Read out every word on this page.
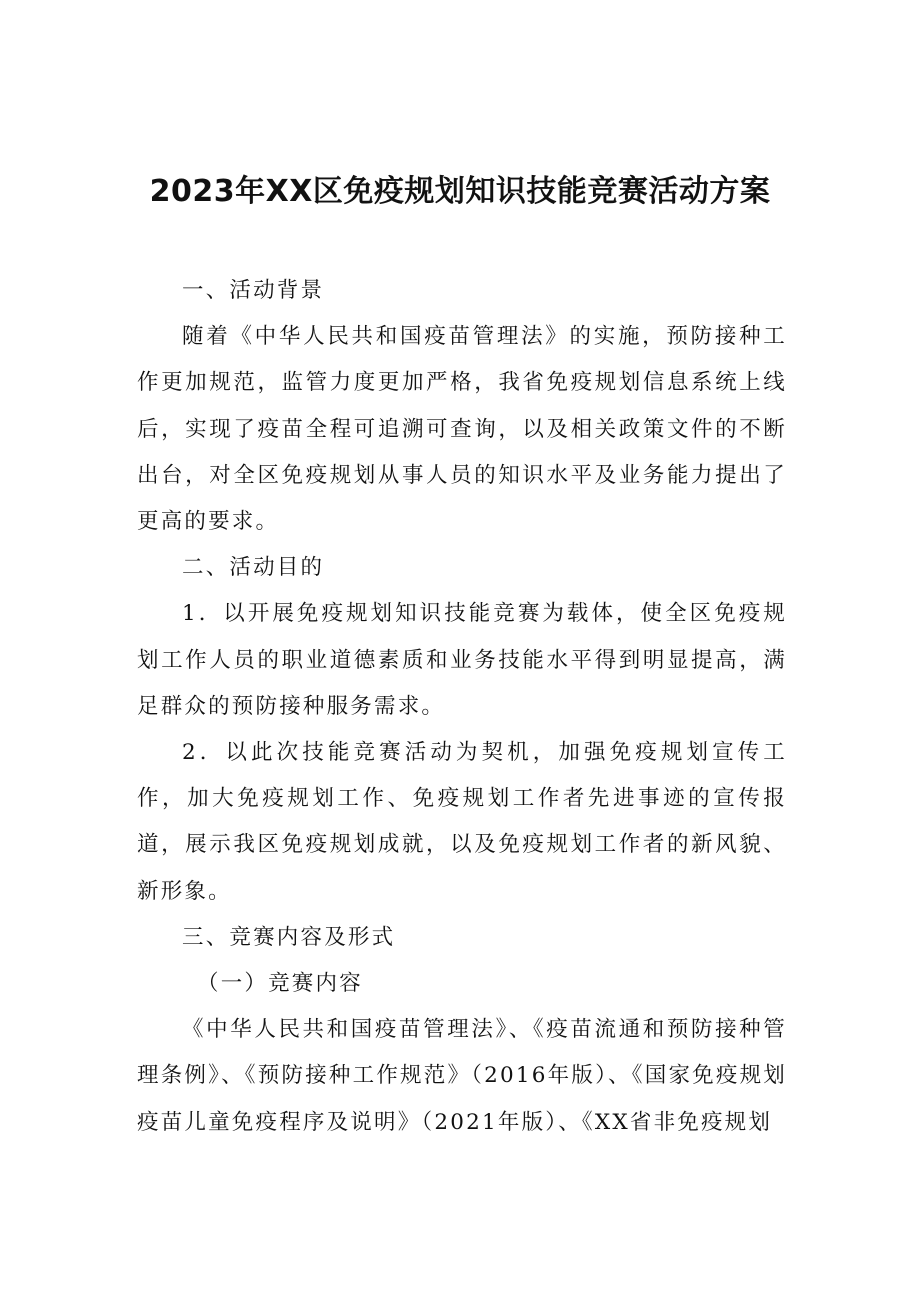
2023年XX区免疫规划知识技能竞赛活动方案

一、活动背景

随着《中华人民共和国疫苗管理法》的实施，预防接种工作更加规范，监管力度更加严格，我省免疫规划信息系统上线后，实现了疫苗全程可追溯可查询，以及相关政策文件的不断出台，对全区免疫规划从事人员的知识水平及业务能力提出了更高的要求。

二、活动目的

1．以开展免疫规划知识技能竞赛为载体，使全区免疫规划工作人员的职业道德素质和业务技能水平得到明显提高，满足群众的预防接种服务需求。

2．以此次技能竞赛活动为契机，加强免疫规划宣传工作，加大免疫规划工作、免疫规划工作者先进事迹的宣传报道，展示我区免疫规划成就，以及免疫规划工作者的新风貌、新形象。

三、竞赛内容及形式

（一）竞赛内容

《中华人民共和国疫苗管理法》、《疫苗流通和预防接种管理条例》、《预防接种工作规范》（2016年版）、《国家免疫规划疫苗儿童免疫程序及说明》（2021年版）、《XX省非免疫规划
